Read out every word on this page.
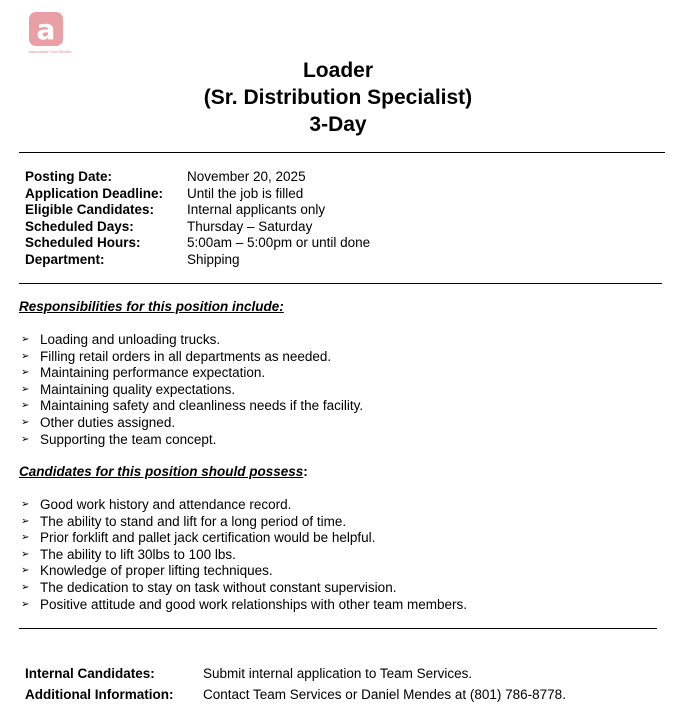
a
Associated Food Stores
Loader
(Sr. Distribution Specialist)
3-Day
Posting Date:	November 20, 2025
Application Deadline:	Until the job is filled
Eligible Candidates:	Internal applicants only
Scheduled Days:	Thursday – Saturday
Scheduled Hours:	5:00am – 5:00pm or until done
Department:	Shipping
Responsibilities for this position include:
➢ Loading and unloading trucks.
➢ Filling retail orders in all departments as needed.
➢ Maintaining performance expectation.
➢ Maintaining quality expectations.
➢ Maintaining safety and cleanliness needs if the facility.
➢ Other duties assigned.
➢ Supporting the team concept.
Candidates for this position should possess:
➢ Good work history and attendance record.
➢ The ability to stand and lift for a long period of time.
➢ Prior forklift and pallet jack certification would be helpful.
➢ The ability to lift 30lbs to 100 lbs.
➢ Knowledge of proper lifting techniques.
➢ The dedication to stay on task without constant supervision.
➢ Positive attitude and good work relationships with other team members.
Internal Candidates:	Submit internal application to Team Services.
Additional Information:	Contact Team Services or Daniel Mendes at (801) 786-8778.
